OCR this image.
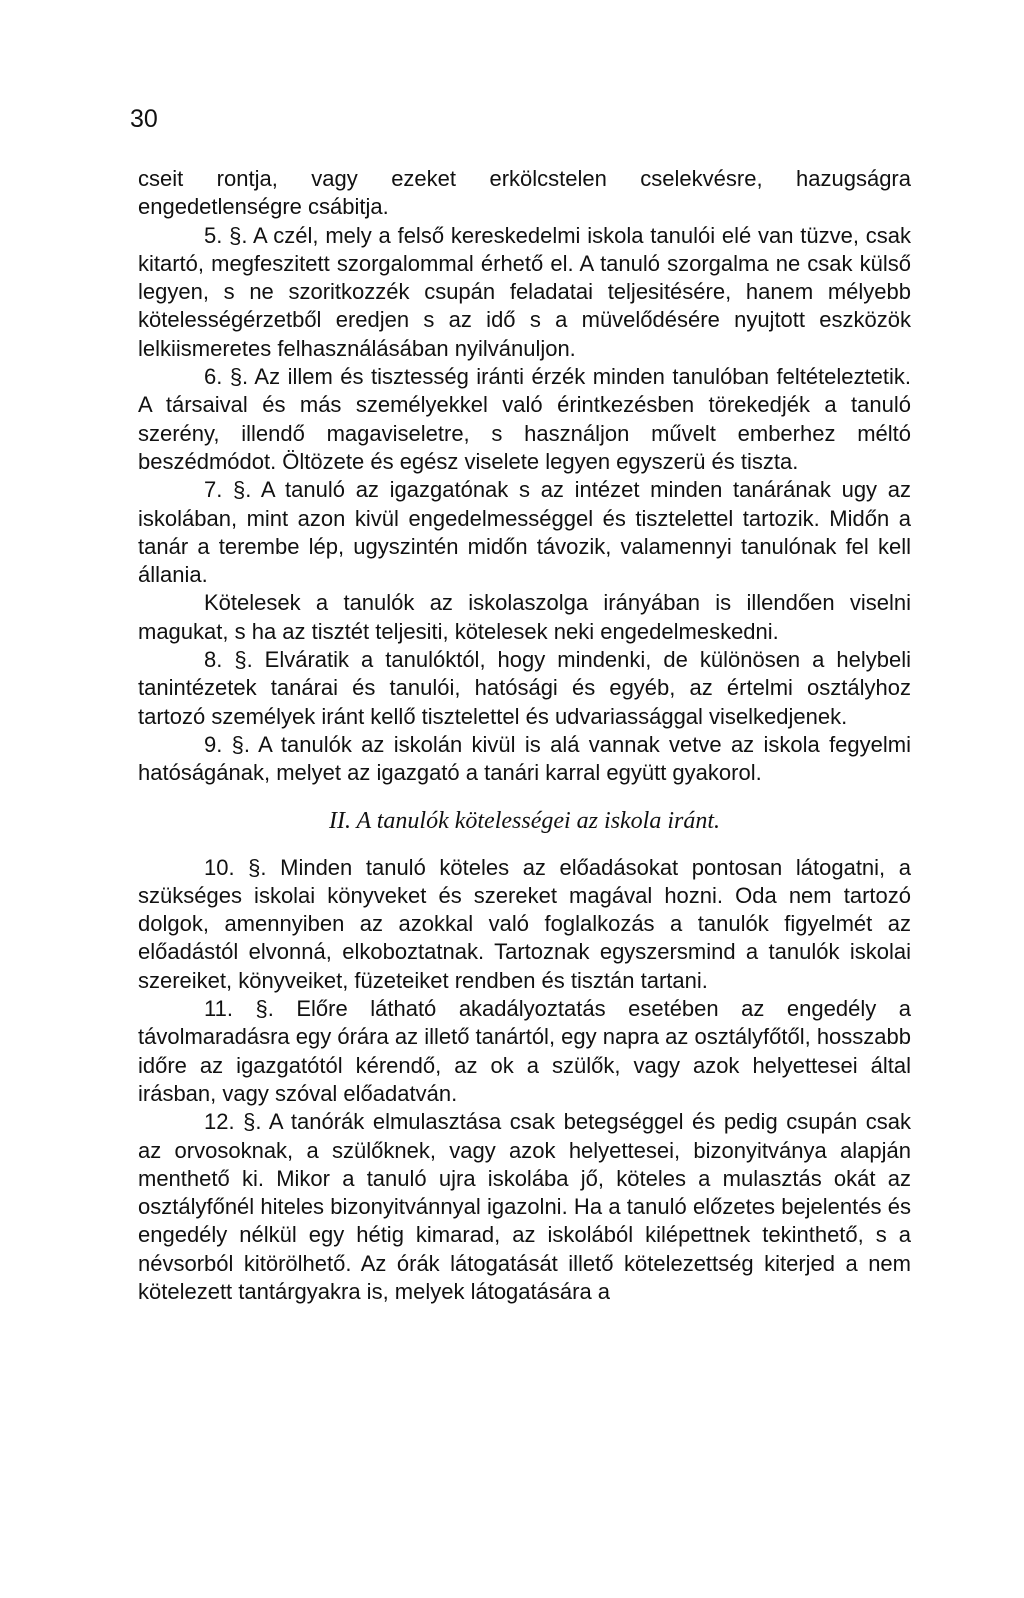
30

cseit rontja, vagy ezeket erkölcstelen cselekvésre, hazugságra engedetlenségre csábitja.

5. §. A czél, mely a felső kereskedelmi iskola tanulói elé van tüzve, csak kitartó, megfeszitett szorgalommal érhető el. A tanuló szorgalma ne csak külső legyen, s ne szoritkozzék csupán feladatai teljesitésére, hanem mélyebb kötelességérzetből eredjen s az idő s a müvelődésére nyujtott eszközök lelkiismeretes felhasználásában nyilvánuljon.

6. §. Az illem és tisztesség iránti érzék minden tanulóban feltételeztetik. A társaival és más személyekkel való érintkezésben törekedjék a tanuló szerény, illendő magaviseletre, s használjon művelt emberhez méltó beszédmódot. Öltözete és egész viselete legyen egyszerü és tiszta.

7. §. A tanuló az igazgatónak s az intézet minden tanárának ugy az iskolában, mint azon kivül engedelmességgel és tisztelettel tartozik. Midőn a tanár a terembe lép, ugyszintén midőn távozik, valamennyi tanulónak fel kell állania.

Kötelesek a tanulók az iskolaszolga irányában is illendően viselni magukat, s ha az tisztét teljesiti, kötelesek neki engedelmeskedni.

8. §. Elváratik a tanulóktól, hogy mindenki, de különösen a helybeli tanintézetek tanárai és tanulói, hatósági és egyéb, az értelmi osztályhoz tartozó személyek iránt kellő tisztelettel és udvariassággal viselkedjenek.

9. §. A tanulók az iskolán kivül is alá vannak vetve az iskola fegyelmi hatóságának, melyet az igazgató a tanári karral együtt gyakorol.

II. A tanulók kötelességei az iskola iránt.

10. §. Minden tanuló köteles az előadásokat pontosan látogatni, a szükséges iskolai könyveket és szereket magával hozni. Oda nem tartozó dolgok, amennyiben az azokkal való foglalkozás a tanulók figyelmét az előadástól elvonná, elkoboztatnak. Tartoznak egyszersmind a tanulók iskolai szereiket, könyveiket, füzeteiket rendben és tisztán tartani.

11. §. Előre látható akadályoztatás esetében az engedély a távolmaradásra egy órára az illető tanártól, egy napra az osztályfőtől, hosszabb időre az igazgatótól kérendő, az ok a szülők, vagy azok helyettesei által irásban, vagy szóval előadatván.

12. §. A tanórák elmulasztása csak betegséggel és pedig csupán csak az orvosoknak, a szülőknek, vagy azok helyettesei, bizonyitványa alapján menthető ki. Mikor a tanuló ujra iskolába jő, köteles a mulasztás okát az osztályfőnél hiteles bizonyitvánnyal igazolni. Ha a tanuló előzetes bejelentés és engedély nélkül egy hétig kimarad, az iskolából kilépettnek tekinthető, s a névsorból kitörölhető. Az órák látogatását illető kötelezettség kiterjed a nem kötelezett tantárgyakra is, melyek látogatására a
